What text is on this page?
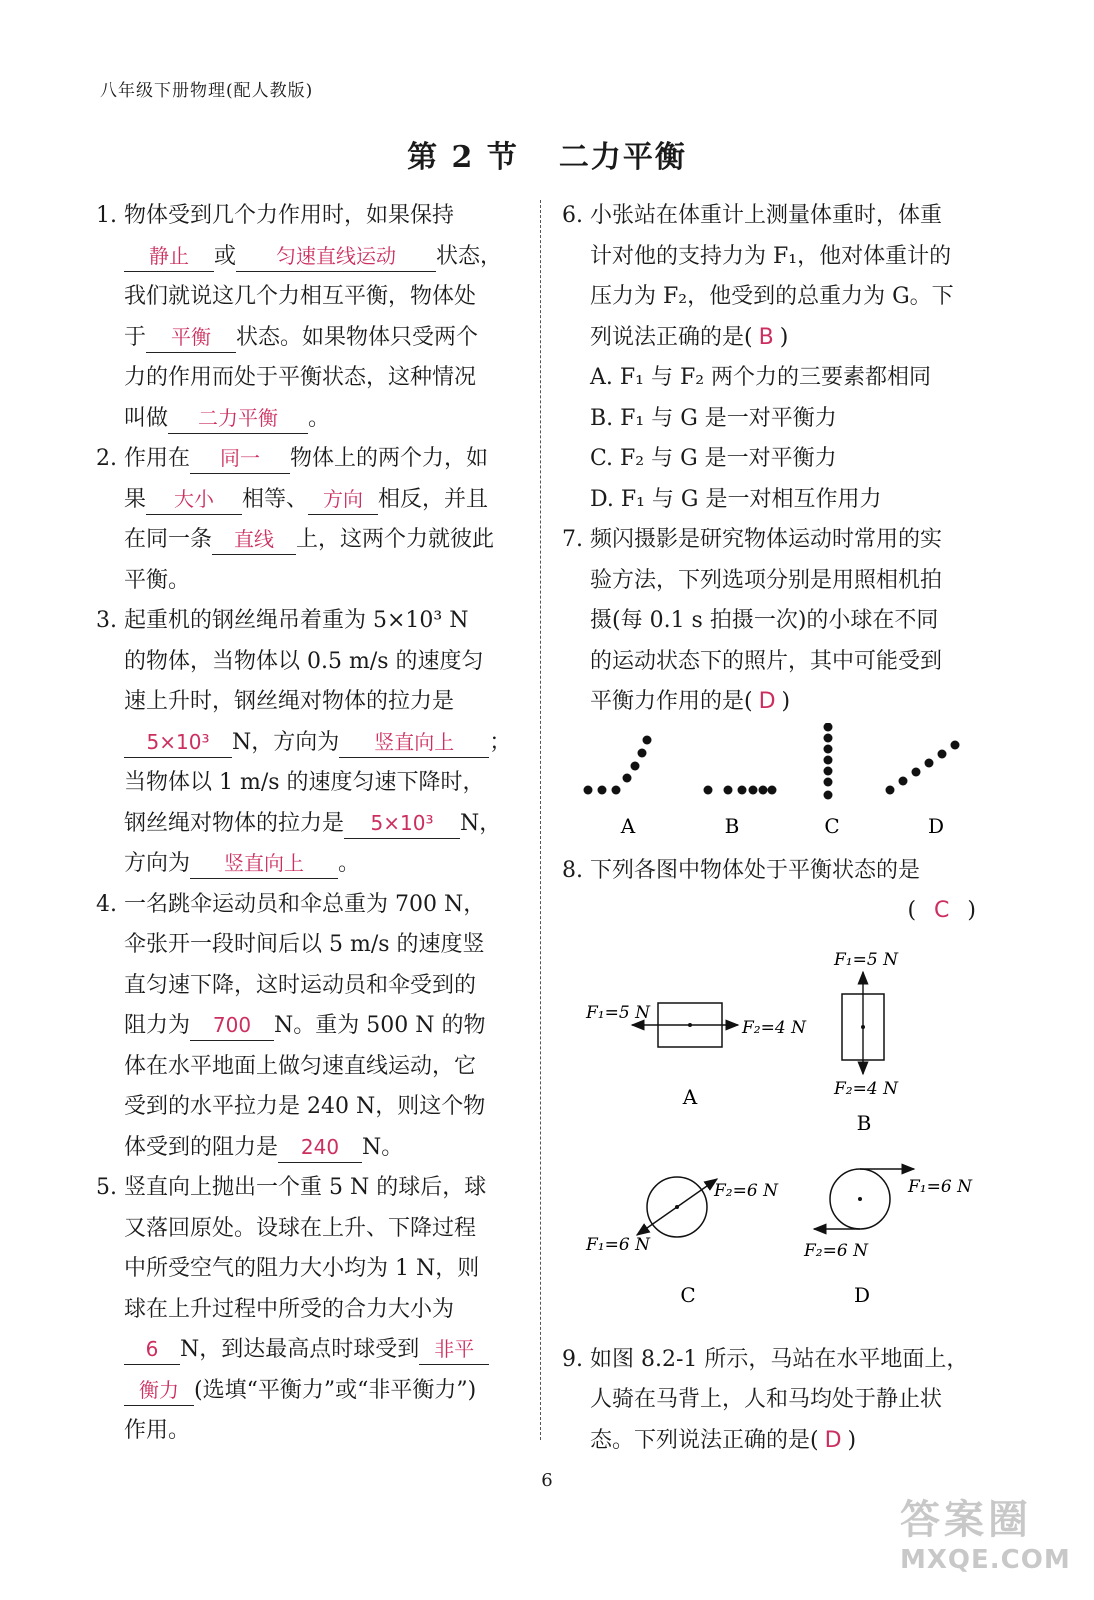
八年级下册物理(配人教版)
第 2 节 二力平衡
1. 物体受到几个力作用时，如果保持
静止 或 匀速直线运动 状态，
我们就说这几个力相互平衡，物体处
于 平衡 状态。如果物体只受两个
力的作用而处于平衡状态，这种情况
叫做 二力平衡 。
2. 作用在 同一 物体上的两个力，如
果 大小 相等、 方向 相反，并且
在同一条 直线 上，这两个力就彼此
平衡。
3. 起重机的钢丝绳吊着重为 5×10³ N
的物体，当物体以 0.5 m/s 的速度匀
速上升时，钢丝绳对物体的拉力是
5×10³ N，方向为 竖直向上 ；
当物体以 1 m/s 的速度匀速下降时，
钢丝绳对物体的拉力是 5×10³ N，
方向为 竖直向上 。
4. 一名跳伞运动员和伞总重为 700 N，
伞张开一段时间后以 5 m/s 的速度竖
直匀速下降，这时运动员和伞受到的
阻力为 700 N。重为 500 N 的物
体在水平地面上做匀速直线运动，它
受到的水平拉力是 240 N，则这个物
体受到的阻力是 240 N。
5. 竖直向上抛出一个重 5 N 的球后，球
又落回原处。设球在上升、下降过程
中所受空气的阻力大小均为 1 N，则
球在上升过程中所受的合力大小为
6 N，到达最高点时球受到 非平
衡力 (选填“平衡力”或“非平衡力”)
作用。
6. 小张站在体重计上测量体重时，体重
计对他的支持力为 F₁，他对体重计的
压力为 F₂，他受到的总重力为 G。下
列说法正确的是( B )
A. F₁ 与 F₂ 两个力的三要素都相同
B. F₁ 与 G 是一对平衡力
C. F₂ 与 G 是一对平衡力
D. F₁ 与 G 是一对相互作用力
7. 频闪摄影是研究物体运动时常用的实
验方法，下列选项分别是用照相机拍
摄(每 0.1 s 拍摄一次)的小球在不同
的运动状态下的照片，其中可能受到
平衡力作用的是( D )
A	B	C	D
8. 下列各图中物体处于平衡状态的是
( C )
F₁=5 N
F₂=4 N
A
F₁=5 N
F₂=4 N
B
F₂=6 N
F₁=6 N
C
F₁=6 N
F₂=6 N
D
9. 如图 8.2-1 所示，马站在水平地面上，
人骑在马背上，人和马均处于静止状
态。下列说法正确的是( D )
6
答案圈
MXQE.COM
